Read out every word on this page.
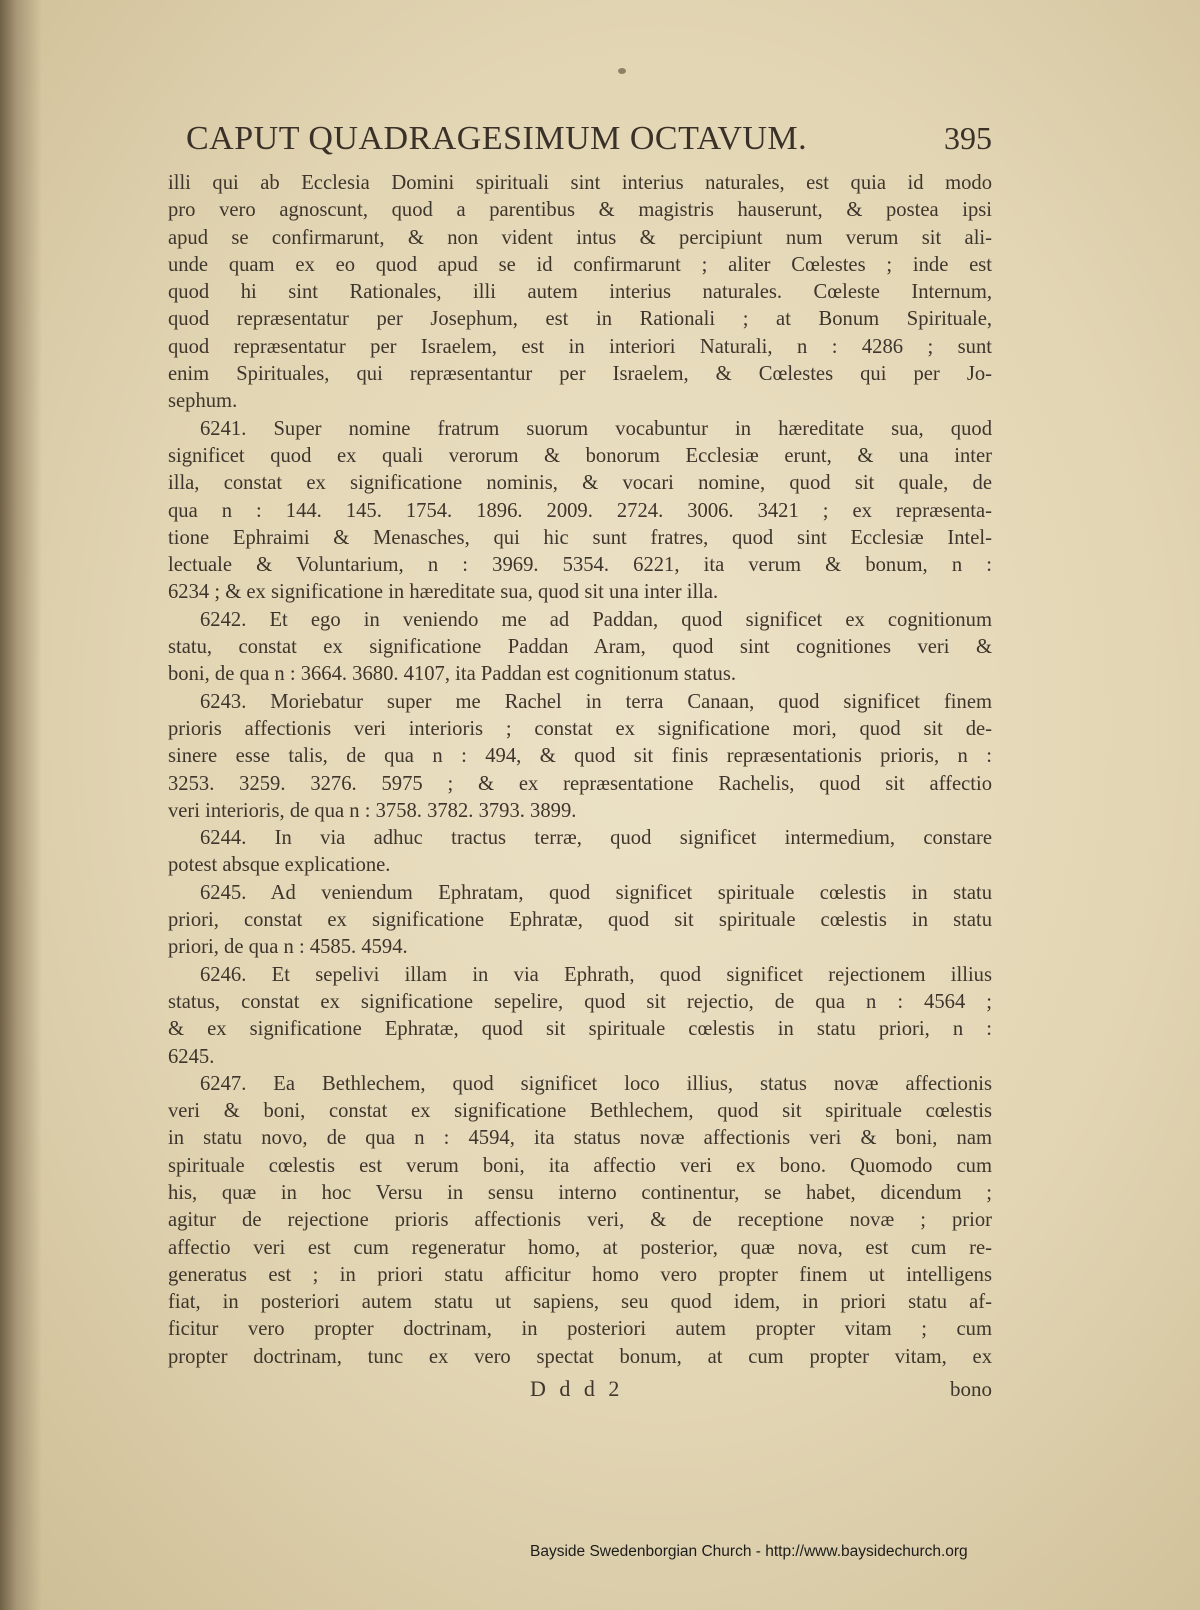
CAPUT QUADRAGESIMUM OCTAVUM.	395
illi qui ab Ecclesia Domini spirituali sint interius naturales, est quia id modo
pro vero agnoscunt, quod a parentibus & magistris hauserunt, & postea ipsi
apud se confirmarunt, & non vident intus & percipiunt num verum sit ali-
unde quam ex eo quod apud se id confirmarunt ; aliter Cœlestes ; inde est
quod hi sint Rationales, illi autem interius naturales. Cœleste Internum,
quod repræsentatur per Josephum, est in Rationali ; at Bonum Spirituale,
quod repræsentatur per Israelem, est in interiori Naturali, n : 4286 ; sunt
enim Spirituales, qui repræsentantur per Israelem, & Cœlestes qui per Jo-
sephum.
6241. Super nomine fratrum suorum vocabuntur in hæreditate sua, quod
significet quod ex quali verorum & bonorum Ecclesiæ erunt, & una inter
illa, constat ex significatione nominis, & vocari nomine, quod sit quale, de
qua n : 144. 145. 1754. 1896. 2009. 2724. 3006. 3421 ; ex repræsenta-
tione Ephraimi & Menasches, qui hic sunt fratres, quod sint Ecclesiæ Intel-
lectuale & Voluntarium, n : 3969. 5354. 6221, ita verum & bonum, n :
6234 ; & ex significatione in hæreditate sua, quod sit una inter illa.
6242. Et ego in veniendo me ad Paddan, quod significet ex cognitionum
statu, constat ex significatione Paddan Aram, quod sint cognitiones veri &
boni, de qua n : 3664. 3680. 4107, ita Paddan est cognitionum status.
6243. Moriebatur super me Rachel in terra Canaan, quod significet finem
prioris affectionis veri interioris ; constat ex significatione mori, quod sit de-
sinere esse talis, de qua n : 494, & quod sit finis repræsentationis prioris, n :
3253. 3259. 3276. 5975 ; & ex repræsentatione Rachelis, quod sit affectio
veri interioris, de qua n : 3758. 3782. 3793. 3899.
6244. In via adhuc tractus terræ, quod significet intermedium, constare
potest absque explicatione.
6245. Ad veniendum Ephratam, quod significet spirituale cœlestis in statu
priori, constat ex significatione Ephratæ, quod sit spirituale cœlestis in statu
priori, de qua n : 4585. 4594.
6246. Et sepelivi illam in via Ephrath, quod significet rejectionem illius
status, constat ex significatione sepelire, quod sit rejectio, de qua n : 4564 ;
& ex significatione Ephratæ, quod sit spirituale cœlestis in statu priori, n :
6245.
6247. Ea Bethlechem, quod significet loco illius, status novæ affectionis
veri & boni, constat ex significatione Bethlechem, quod sit spirituale cœlestis
in statu novo, de qua n : 4594, ita status novæ affectionis veri & boni, nam
spirituale cœlestis est verum boni, ita affectio veri ex bono. Quomodo cum
his, quæ in hoc Versu in sensu interno continentur, se habet, dicendum ;
agitur de rejectione prioris affectionis veri, & de receptione novæ ; prior
affectio veri est cum regeneratur homo, at posterior, quæ nova, est cum re-
generatus est ; in priori statu afficitur homo vero propter finem ut intelligens
fiat, in posteriori autem statu ut sapiens, seu quod idem, in priori statu af-
ficitur vero propter doctrinam, in posteriori autem propter vitam ; cum
propter doctrinam, tunc ex vero spectat bonum, at cum propter vitam, ex
D d d 2	bono
Bayside Swedenborgian Church - http://www.baysidechurch.org
